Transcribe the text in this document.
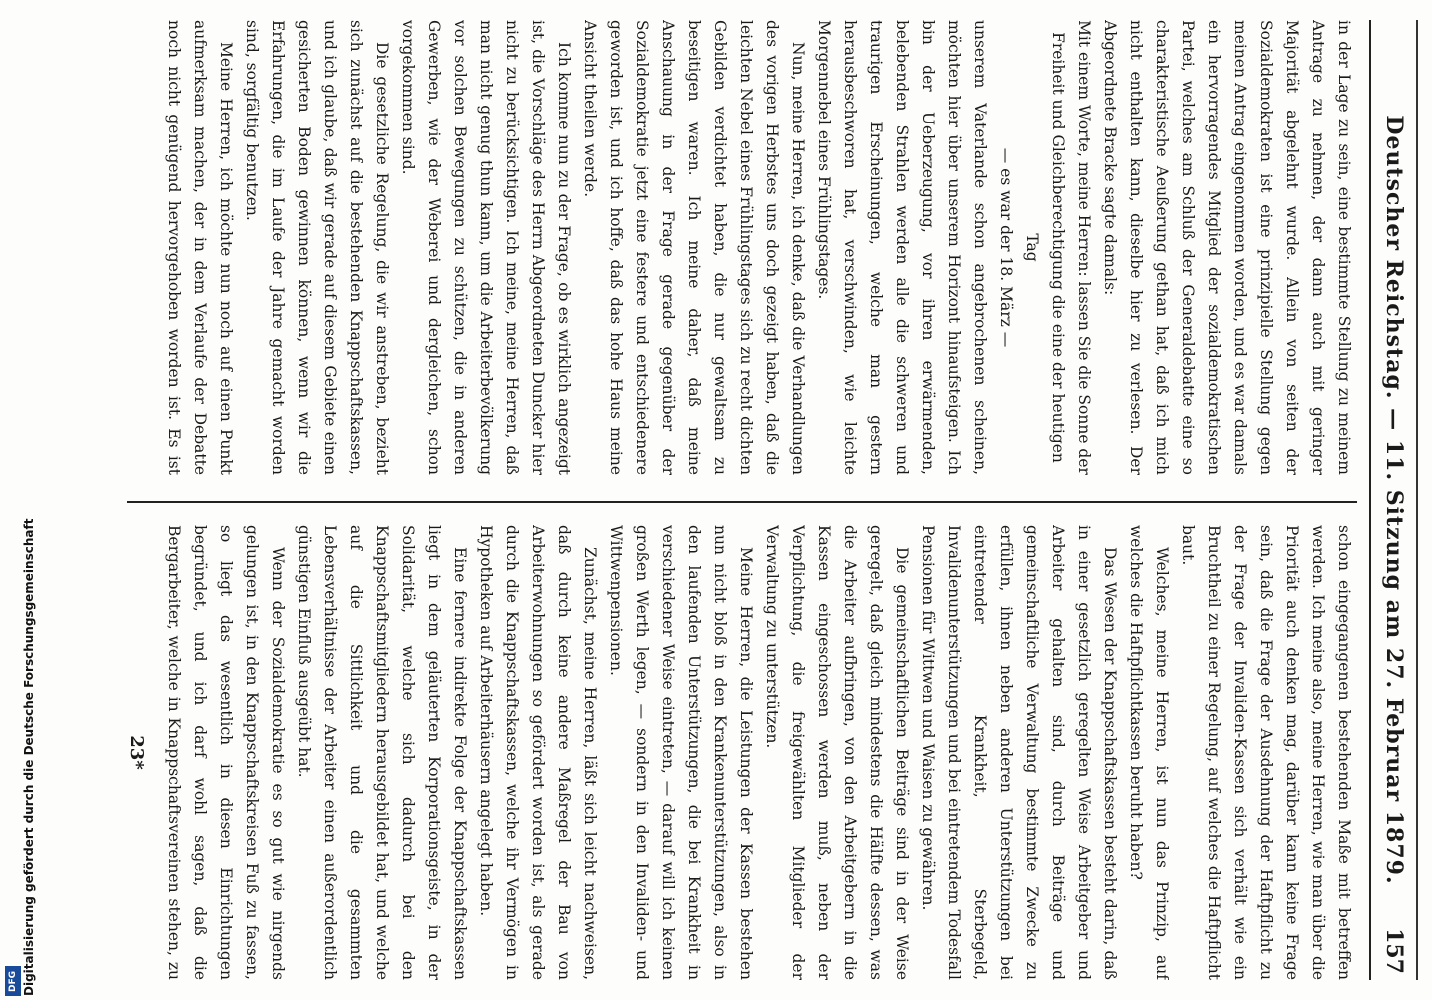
Deutscher Reichstag. — 11. Sitzung am 27. Februar 1879.
157

in der Lage zu sein, eine bestimmte Stellung zu meinem Antrage zu nehmen, der dann auch mit geringer Majorität abgelehnt wurde. Allein von seiten der Sozialdemokraten ist eine prinzipielle Stellung gegen meinen Antrag eingenommen worden, und es war damals ein hervorragendes Mitglied der sozialdemokratischen Partei, welches am Schluß der Generaldebatte eine so charakteristische Aeußerung gethan hat, daß ich mich nicht enthalten kann, dieselbe hier zu verlesen. Der Abgeordnete Bracke sagte damals:

Mit einem Worte, meine Herren: lassen Sie die Sonne der Freiheit und Gleichberechtigung die eine der heutigen Tag

— es war der 18. März —

unserem Vaterlande schon angebrochenen scheinen, möchten hier über unserem Horizont hinaufsteigen. Ich bin der Ueberzeugung, vor ihren erwärmenden, belebenden Strahlen werden alle die schweren und traurigen Erscheinungen, welche man gestern herausbeschworen hat, verschwinden, wie leichte Morgennebel eines Frühlingstages.

Nun, meine Herren, ich denke, daß die Verhandlungen des vorigen Herbstes uns doch gezeigt haben, daß die leichten Nebel eines Frühlingstages sich zu recht dichten Gebilden verdichtet haben, die nur gewaltsam zu beseitigen waren. Ich meine daher, daß meine Anschauung in der Frage gerade gegenüber der Sozialdemokratie jetzt eine festere und entschiedenere geworden ist, und ich hoffe, daß das hohe Haus meine Ansicht theilen werde.

Ich komme nun zu der Frage, ob es wirklich angezeigt ist, die Vorschläge des Herrn Abgeordneten Duncker hier nicht zu berücksichtigen. Ich meine, meine Herren, daß man nicht genug thun kann, um die Arbeiterbevölkerung vor solchen Bewegungen zu schützen, die in anderen Gewerben, wie der Weberei und dergleichen, schon vorgekommen sind.

Die gesetzliche Regelung, die wir anstreben, bezieht sich zunächst auf die bestehenden Knappschaftskassen, und ich glaube, daß wir gerade auf diesem Gebiete einen gesicherten Boden gewinnen können, wenn wir die Erfahrungen, die im Laufe der Jahre gemacht worden sind, sorgfältig benutzen.

Meine Herren, ich möchte nun noch auf einen Punkt aufmerksam machen, der in dem Verlaufe der Debatte noch nicht genügend hervorgehoben worden ist. Es ist

schon eingegangenen bestehenden Maße mit betreffen werden. Ich meine also, meine Herren, wie man über die Priorität auch denken mag, darüber kann keine Frage sein, daß die Frage der Ausdehnung der Haftpflicht zu der Frage der Invaliden-Kassen sich verhält wie ein Bruchtheil zu einer Regelung, auf welches die Haftpflicht baut.

Welches, meine Herren, ist nun das Prinzip, auf welches die Haftpflichtkassen beruht haben?

Das Wesen der Knappschaftskassen besteht darin, daß in einer gesetzlich geregelten Weise Arbeitgeber und Arbeiter gehalten sind, durch Beiträge und gemeinschaftliche Verwaltung bestimmte Zwecke zu erfüllen, ihnen neben anderen Unterstützungen bei eintretender Krankheit, Sterbegeld, Invalidenunterstützungen und bei eintretendem Todesfall Pensionen für Wittwen und Waisen zu gewähren.

Die gemeinschaftlichen Beiträge sind in der Weise geregelt, daß gleich mindestens die Hälfte dessen, was die Arbeiter aufbringen, von den Arbeitgebern in die Kassen eingeschossen werden muß, neben der Verpflichtung, die freigewählten Mitglieder der Verwaltung zu unterstützen.

Meine Herren, die Leistungen der Kassen bestehen nun nicht bloß in den Krankenunterstützungen, also in den laufenden Unterstützungen, die bei Krankheit in verschiedener Weise eintreten, — darauf will ich keinen großen Werth legen, — sondern in den Invaliden- und Wittwenpensionen.

Zunächst, meine Herren, läßt sich leicht nachweisen, daß durch keine andere Maßregel der Bau von Arbeiterwohnungen so gefördert worden ist, als gerade durch die Knappschaftskassen, welche ihr Vermögen in Hypotheken auf Arbeiterhäusern angelegt haben.

Eine fernere indirekte Folge der Knappschaftskassen liegt in dem geläuterten Korporationsgeiste, in der Solidarität, welche sich dadurch bei den Knappschaftsmitgliedern herausgebildet hat, und welche auf die Sittlichkeit und die gesammten Lebensverhältnisse der Arbeiter einen außerordentlich günstigen Einfluß ausgeübt hat.

Wenn der Sozialdemokratie es so gut wie nirgends gelungen ist, in den Knappschaftskreisen Fuß zu fassen, so liegt das wesentlich in diesen Einrichtungen begründet, und ich darf wohl sagen, daß die Bergarbeiter, welche in Knappschaftsvereinen stehen, zu

23*
DFG Digitalisierung gefördert durch die Deutsche Forschungsgemeinschaft
